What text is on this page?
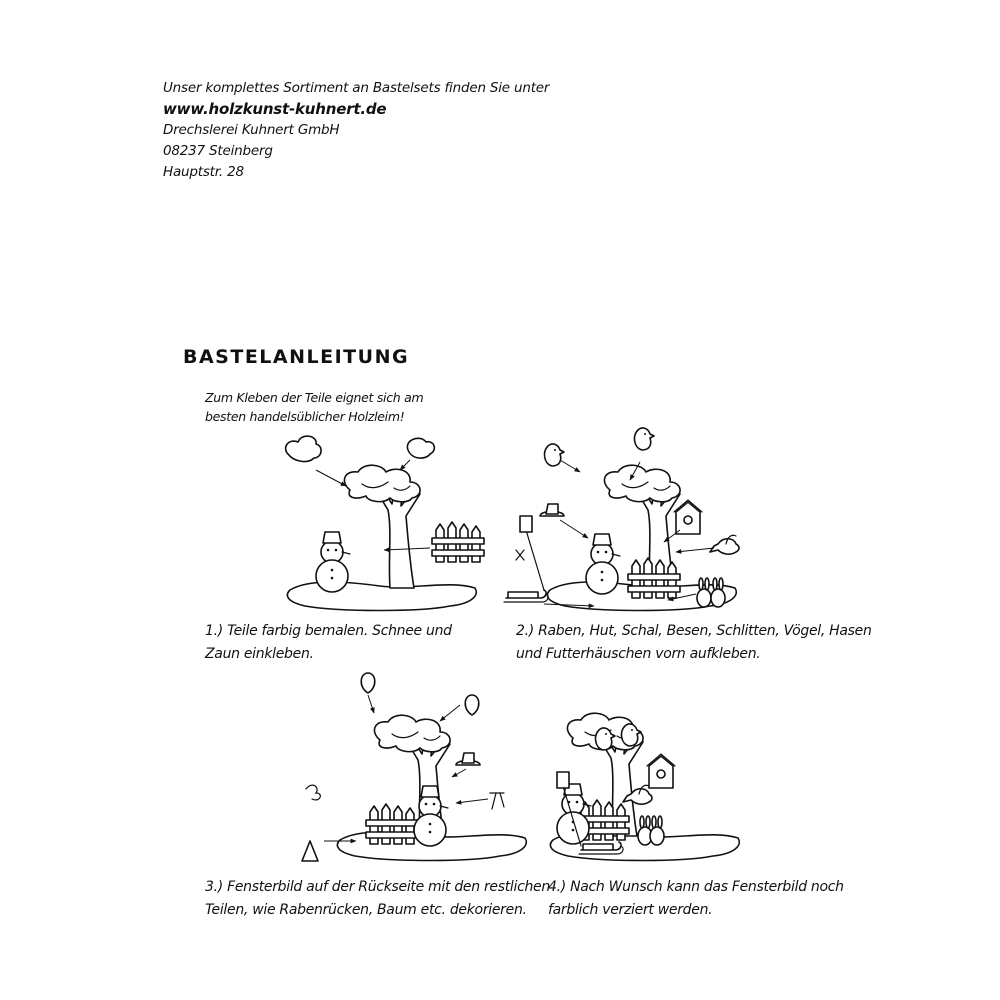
Unser komplettes Sortiment an Bastelsets finden Sie unter
www.holzkunst-kuhnert.de
Drechslerei Kuhnert GmbH
08237 Steinberg
Hauptstr. 28
BASTELANLEITUNG
Zum Kleben der Teile eignet sich am
besten handelsüblicher Holzleim!
1.) Teile farbig bemalen. Schnee und
Zaun einkleben.
2.) Raben, Hut, Schal, Besen, Schlitten, Vögel, Hasen
und Futterhäuschen vorn aufkleben.
3.) Fensterbild auf der Rückseite mit den restlichen
Teilen, wie Rabenrücken, Baum etc. dekorieren.
4.) Nach Wunsch kann das Fensterbild noch
farblich verziert werden.
